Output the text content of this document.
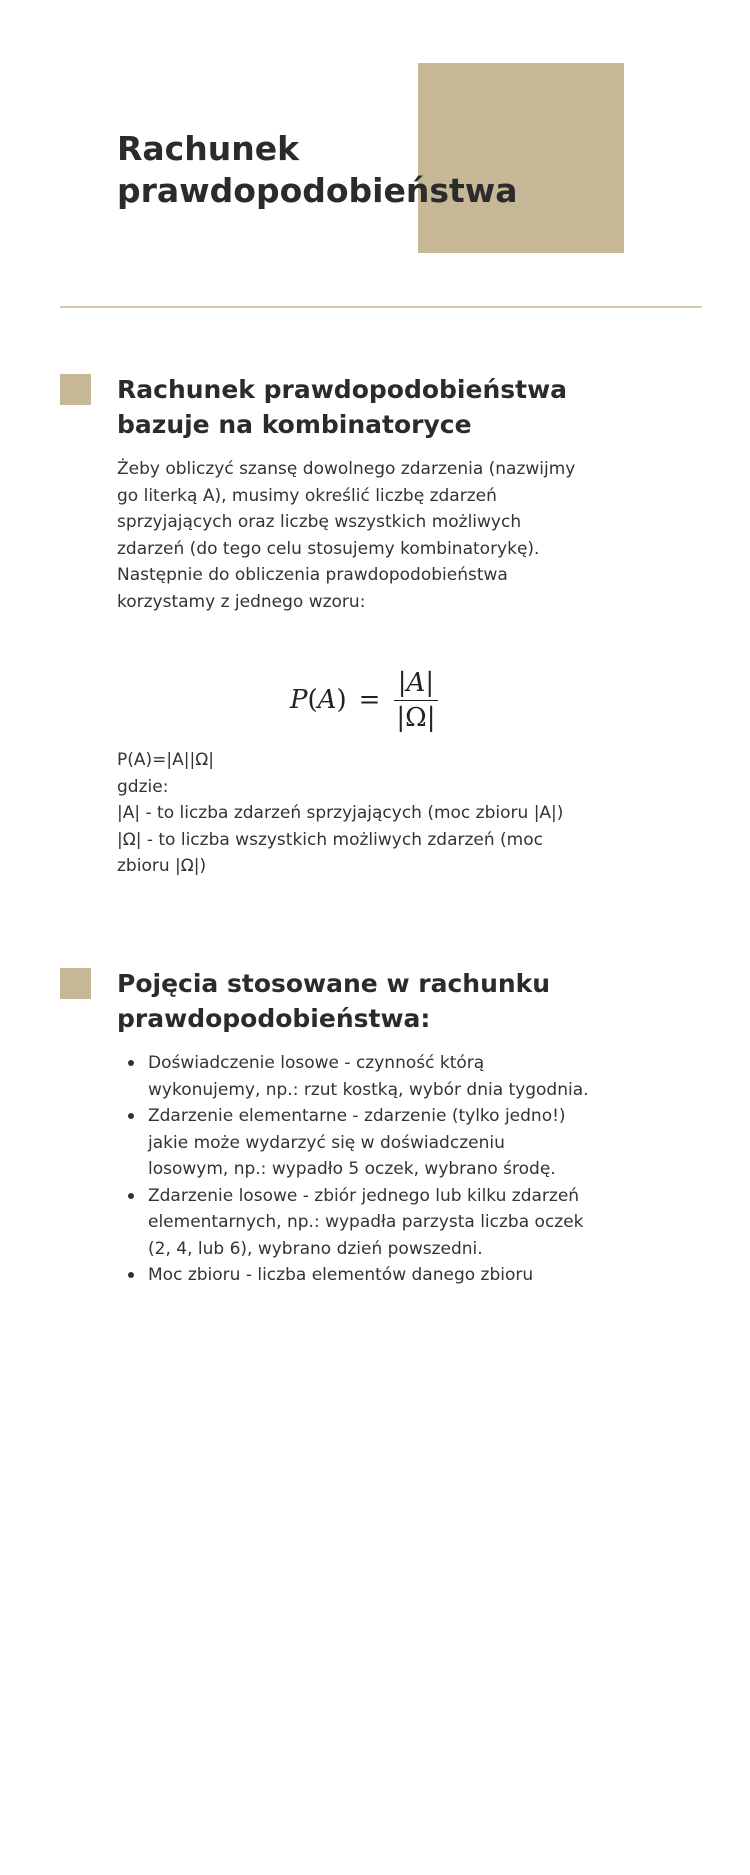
Rachunek
prawdopodobieństwa
Rachunek prawdopodobieństwa
bazuje na kombinatoryce

Żeby obliczyć szansę dowolnego zdarzenia (nazwijmy
go literką A), musimy określić liczbę zdarzeń
sprzyjających oraz liczbę wszystkich możliwych
zdarzeń (do tego celu stosujemy kombinatorykę).
Następnie do obliczenia prawdopodobieństwa
korzystamy z jednego wzoru:

$P(A) = \frac{|A|}{|\Omega|}$

P(A)=|A||Ω|
gdzie:
|A| - to liczba zdarzeń sprzyjających (moc zbioru |A|)
|Ω| - to liczba wszystkich możliwych zdarzeń (moc
zbioru |Ω|)

Pojęcia stosowane w rachunku
prawdopodobieństwa:
Doświadczenie losowe - czynność którą
wykonujemy, np.: rzut kostką, wybór dnia tygodnia.
Zdarzenie elementarne - zdarzenie (tylko jedno!)
jakie może wydarzyć się w doświadczeniu
losowym, np.: wypadło 5 oczek, wybrano środę.
Zdarzenie losowe - zbiór jednego lub kilku zdarzeń
elementarnych, np.: wypadła parzysta liczba oczek
(2, 4, lub 6), wybrano dzień powszedni.
Moc zbioru - liczba elementów danego zbioru
